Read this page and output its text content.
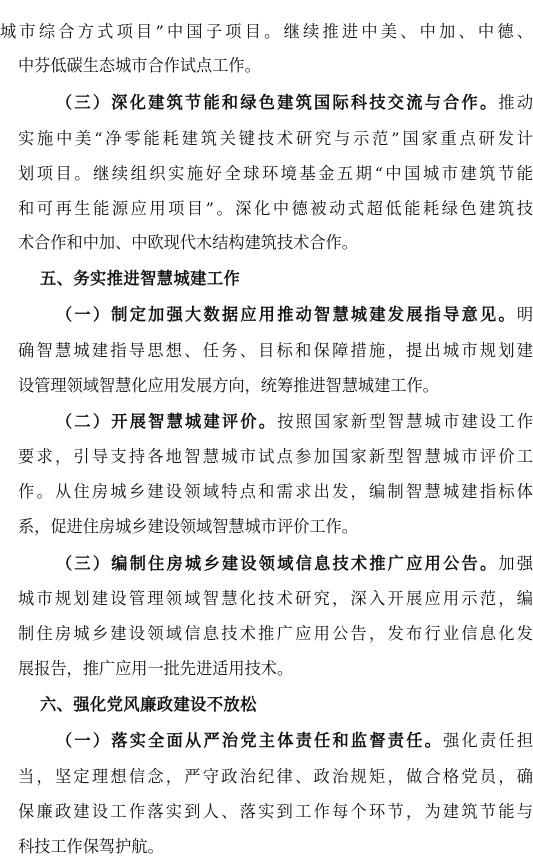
城市综合方式项目”中国子项目。继续推进中美、中加、中德、
中芬低碳生态城市合作试点工作。
（三）深化建筑节能和绿色建筑国际科技交流与合作。推动
实施中美“净零能耗建筑关键技术研究与示范”国家重点研发计
划项目。继续组织实施好全球环境基金五期“中国城市建筑节能
和可再生能源应用项目”。深化中德被动式超低能耗绿色建筑技
术合作和中加、中欧现代木结构建筑技术合作。
五、务实推进智慧城建工作
（一）制定加强大数据应用推动智慧城建发展指导意见。明
确智慧城建指导思想、任务、目标和保障措施，提出城市规划建
设管理领域智慧化应用发展方向，统筹推进智慧城建工作。
（二）开展智慧城建评价。按照国家新型智慧城市建设工作
要求，引导支持各地智慧城市试点参加国家新型智慧城市评价工
作。从住房城乡建设领域特点和需求出发，编制智慧城建指标体
系，促进住房城乡建设领域智慧城市评价工作。
（三）编制住房城乡建设领域信息技术推广应用公告。加强
城市规划建设管理领域智慧化技术研究，深入开展应用示范，编
制住房城乡建设领域信息技术推广应用公告，发布行业信息化发
展报告，推广应用一批先进适用技术。
六、强化党风廉政建设不放松
（一）落实全面从严治党主体责任和监督责任。强化责任担
当，坚定理想信念，严守政治纪律、政治规矩，做合格党员，确
保廉政建设工作落实到人、落实到工作每个环节，为建筑节能与
科技工作保驾护航。
